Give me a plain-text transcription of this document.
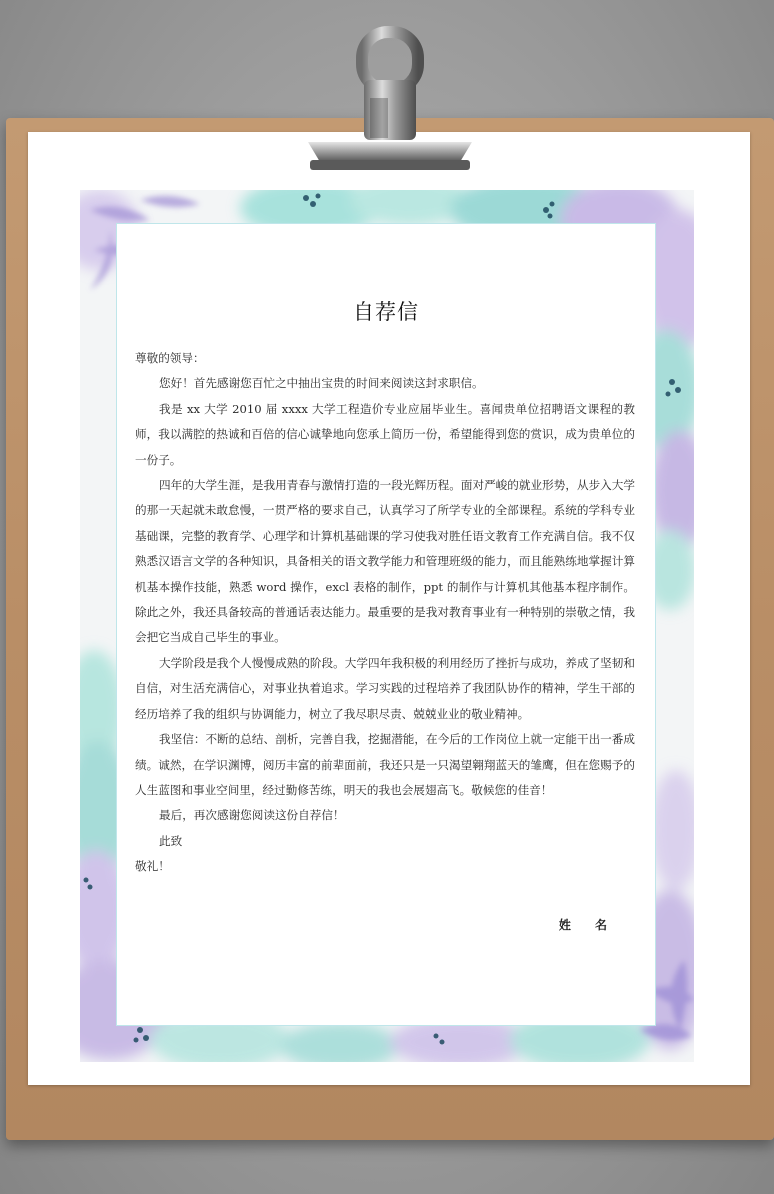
自荐信

尊敬的领导：

您好！首先感谢您百忙之中抽出宝贵的时间来阅读这封求职信。

我是 xx 大学 2010 届 xxxx 大学工程造价专业应届毕业生。喜闻贵单位招聘语文课程的教师，我以满腔的热诚和百倍的信心诚挚地向您承上简历一份，希望能得到您的赏识，成为贵单位的一份子。

四年的大学生涯，是我用青春与激情打造的一段光辉历程。面对严峻的就业形势，从步入大学的那一天起就未敢怠慢，一贯严格的要求自己，认真学习了所学专业的全部课程。系统的学科专业基础课，完整的教育学、心理学和计算机基础课的学习使我对胜任语文教育工作充满自信。我不仅熟悉汉语言文学的各种知识，具备相关的语文教学能力和管理班级的能力，而且能熟练地掌握计算机基本操作技能，熟悉 word 操作，excl 表格的制作，ppt 的制作与计算机其他基本程序制作。除此之外，我还具备较高的普通话表达能力。最重要的是我对教育事业有一种特别的崇敬之情，我会把它当成自己毕生的事业。

大学阶段是我个人慢慢成熟的阶段。大学四年我积极的利用经历了挫折与成功，养成了坚韧和自信，对生活充满信心，对事业执着追求。学习实践的过程培养了我团队协作的精神，学生干部的经历培养了我的组织与协调能力，树立了我尽职尽责、兢兢业业的敬业精神。

我坚信：不断的总结、剖析，完善自我，挖掘潜能，在今后的工作岗位上就一定能干出一番成绩。诚然，在学识渊博，阅历丰富的前辈面前，我还只是一只渴望翱翔蓝天的雏鹰，但在您赐予的人生蓝图和事业空间里，经过勤修苦练，明天的我也会展翅高飞。敬候您的佳音！

最后，再次感谢您阅读这份自荐信！

此致

敬礼！

姓 名
